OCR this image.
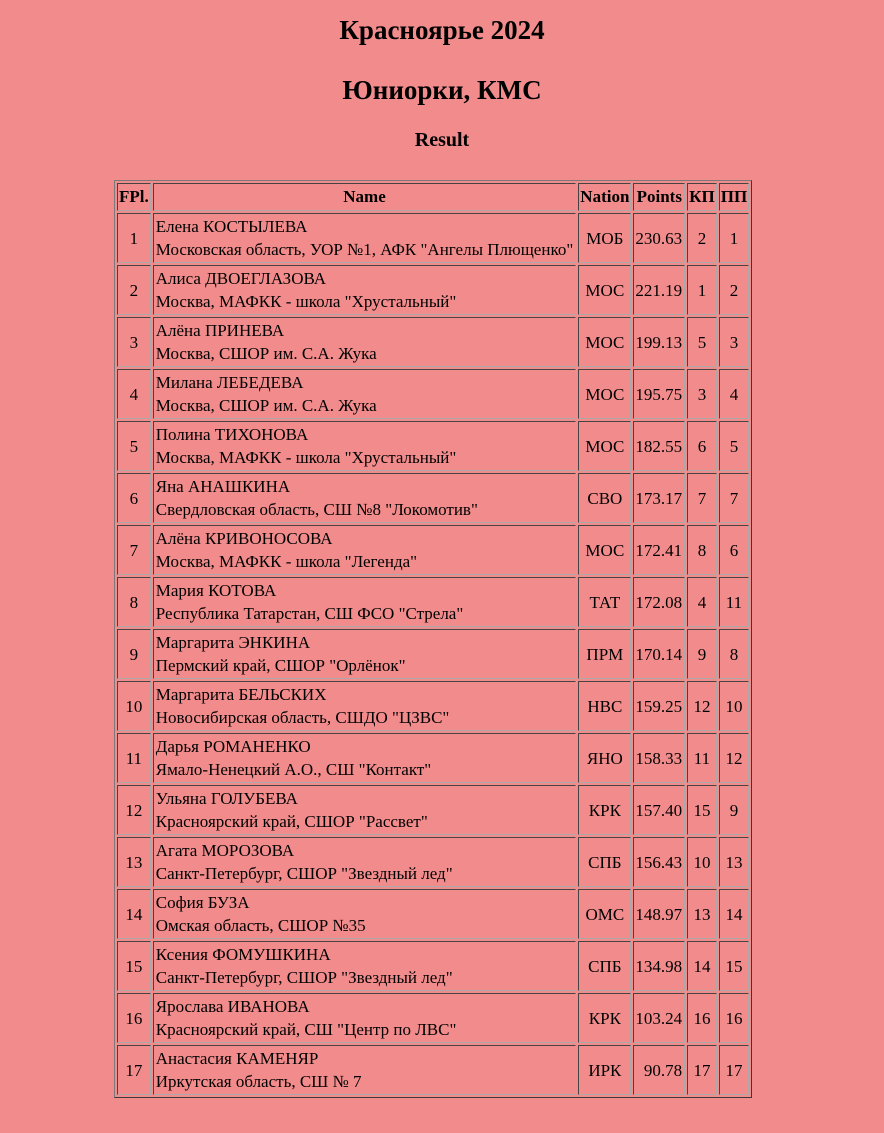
Красноярье 2024
Юниорки, КМС
Result
FPl.	Name	Nation	Points	КП	ПП
1	Елена КОСТЫЛЕВА
Московская область, УОР №1, АФК "Ангелы Плющенко"	МОБ	230.63	2	1
2	Алиса ДВОЕГЛАЗОВА
Москва, МАФКК - школа "Хрустальный"	МОС	221.19	1	2
3	Алёна ПРИНЕВА
Москва, СШОР им. С.А. Жука	МОС	199.13	5	3
4	Милана ЛЕБЕДЕВА
Москва, СШОР им. С.А. Жука	МОС	195.75	3	4
5	Полина ТИХОНОВА
Москва, МАФКК - школа "Хрустальный"	МОС	182.55	6	5
6	Яна АНАШКИНА
Свердловская область, СШ №8 "Локомотив"	СВО	173.17	7	7
7	Алёна КРИВОНОСОВА
Москва, МАФКК - школа "Легенда"	МОС	172.41	8	6
8	Мария КОТОВА
Республика Татарстан, СШ ФСО "Стрела"	ТАТ	172.08	4	11
9	Маргарита ЭНКИНА
Пермский край, СШОР "Орлёнок"	ПРМ	170.14	9	8
10	Маргарита БЕЛЬСКИХ
Новосибирская область, СШДО "ЦЗВС"	НВС	159.25	12	10
11	Дарья РОМАНЕНКО
Ямало-Ненецкий А.О., СШ "Контакт"	ЯНО	158.33	11	12
12	Ульяна ГОЛУБЕВА
Красноярский край, СШОР "Рассвет"	КРК	157.40	15	9
13	Агата МОРОЗОВА
Санкт-Петербург, СШОР "Звездный лед"	СПБ	156.43	10	13
14	София БУЗА
Омская область, СШОР №35	ОМС	148.97	13	14
15	Ксения ФОМУШКИНА
Санкт-Петербург, СШОР "Звездный лед"	СПБ	134.98	14	15
16	Ярослава ИВАНОВА
Красноярский край, СШ "Центр по ЛВС"	КРК	103.24	16	16
17	Анастасия КАМЕНЯР
Иркутская область, СШ № 7	ИРК	90.78	17	17
